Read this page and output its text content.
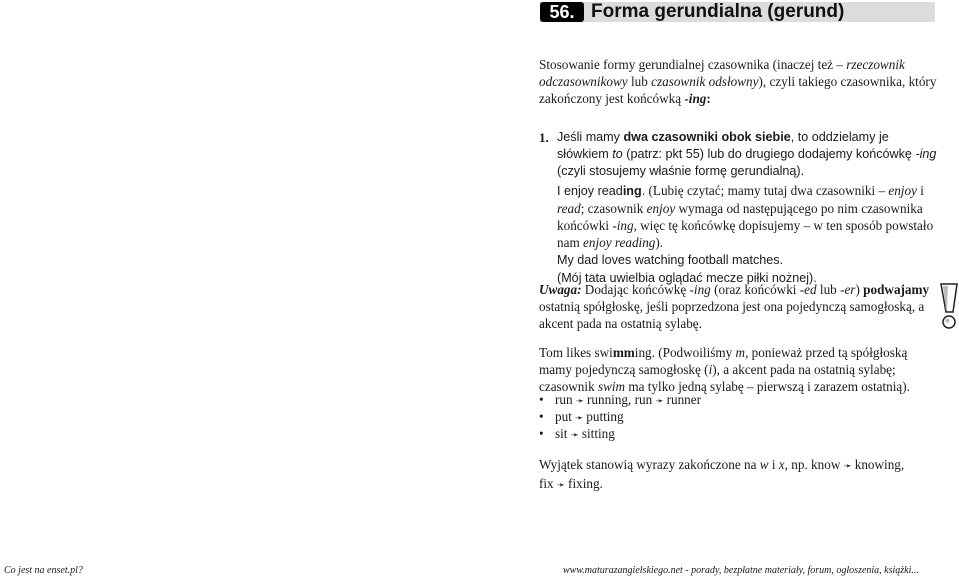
56. Forma gerundialna (gerund)
Stosowanie formy gerundialnej czasownika (inaczej też – rzeczownik odczasownikowy lub czasownik odsłowny), czyli takiego czasownika, który zakończony jest końcówką -ing:
1. Jeśli mamy dwa czasowniki obok siebie, to oddzielamy je słówkiem to (patrz: pkt 55) lub do drugiego dodajemy końcówkę -ing (czyli stosujemy właśnie formę gerundialną).
I enjoy reading. (Lubię czytać; mamy tutaj dwa czasowniki – enjoy i read; czasownik enjoy wymaga od następującego po nim czasownika końcówki -ing, więc tę końcówkę dopisujemy – w ten sposób powstało nam enjoy reading).
My dad loves watching football matches.
(Mój tata uwielbia oglądać mecze piłki nożnej).
Uwaga: Dodając końcówkę -ing (oraz końcówki -ed lub -er) podwajamy ostatnią spółgłoskę, jeśli poprzedzona jest ona pojedynczą samogłoską, a akcent pada na ostatnią sylabę.
Tom likes swimming. (Podwoiliśmy m, ponieważ przed tą spółgłoską mamy pojedynczą samogłoskę (i), a akcent pada na ostatnią sylabę; czasownik swim ma tylko jedną sylabę – pierwszą i zarazem ostatnią).
• run ➛ running, run ➛ runner
• put ➛ putting
• sit ➛ sitting
Wyjątek stanowią wyrazy zakończone na w i x, np. know ➛ knowing, fix ➛ fixing.
Co jest na enset.pl?	www.maturazangielskiego.net - porady, bezpłatne materiały, forum, ogłoszenia, książki...
